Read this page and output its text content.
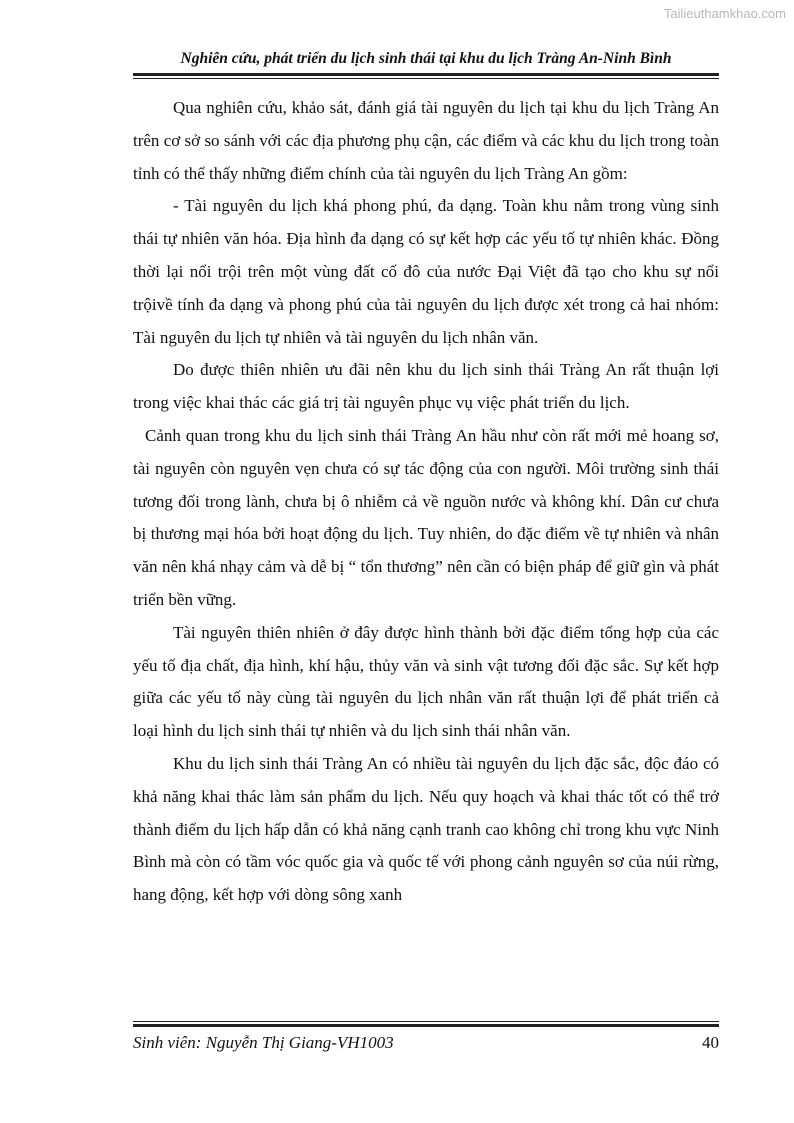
Tailieuthamkhao.com
Nghiên cứu, phát triển du lịch sinh thái tại khu du lịch Tràng An-Ninh Bình

Qua nghiên cứu, khảo sát, đánh giá tài nguyên du lịch tại khu du lịch Tràng An trên cơ sở so sánh với các địa phương phụ cận, các điểm và các khu du lịch trong toàn tỉnh có thể thấy những điểm chính của tài nguyên du lịch Tràng An gồm:

- Tài nguyên du lịch khá phong phú, đa dạng. Toàn khu nằm trong vùng sinh thái tự nhiên văn hóa. Địa hình đa dạng có sự kết hợp các yếu tố tự nhiên khác. Đồng thời lại nổi trội trên một vùng đất cố đô của nước Đại Việt đã tạo cho khu sự nổi trộivề tính đa dạng và phong phú của tài nguyên du lịch được xét trong cả hai nhóm: Tài nguyên du lịch tự nhiên và tài nguyên du lịch nhân văn.

Do được thiên nhiên ưu đãi nên khu du lịch sinh thái Tràng An rất thuận lợi trong việc khai thác các giá trị tài nguyên phục vụ việc phát triển du lịch.

Cảnh quan trong khu du lịch sinh thái Tràng An hầu như còn rất mới mẻ hoang sơ, tài nguyên còn nguyên vẹn chưa có sự tác động của con người. Môi trường sinh thái tương đối trong lành, chưa bị ô nhiễm cả về nguồn nước và không khí. Dân cư chưa bị thương mại hóa bởi hoạt động du lịch. Tuy nhiên, do đặc điểm về tự nhiên và nhân văn nên khá nhạy cảm và dễ bị “ tổn thương” nên cần có biện pháp để giữ gìn và phát triển bền vững.

Tài nguyên thiên nhiên ở đây được hình thành bởi đặc điểm tổng hợp của các yếu tố địa chất, địa hình, khí hậu, thủy văn và sinh vật tương đối đặc sắc. Sự kết hợp giữa các yếu tố này cùng tài nguyên du lịch nhân văn rất thuận lợi để phát triển cả loại hình du lịch sinh thái tự nhiên và du lịch sinh thái nhân văn.

Khu du lịch sinh thái Tràng An có nhiều tài nguyên du lịch đặc sắc, độc đáo có khả năng khai thác làm sản phẩm du lịch. Nếu quy hoạch và khai thác tốt có thể trở thành điểm du lịch hấp dẫn có khả năng cạnh tranh cao không chỉ trong khu vực Ninh Bình mà còn có tầm vóc quốc gia và quốc tế với phong cảnh nguyên sơ của núi rừng, hang động, kết hợp với dòng sông xanh

Sinh viên: Nguyễn Thị Giang-VH1003	40
